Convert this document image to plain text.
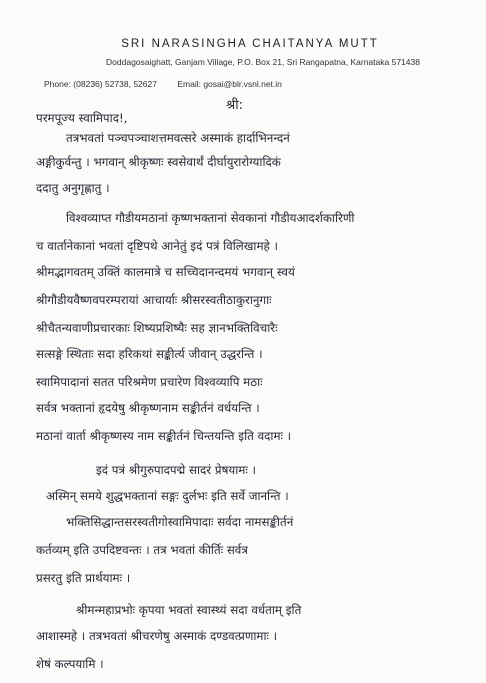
SRI NARASINGHA CHAITANYA MUTT

Doddagosaighatt, Ganjam Village, P.O. Box 21, Sri Rangapatna, Karnataka 571438

Phone: (08236) 52738, 52627 Email: gosai@blr.vsnl.net.in
श्री:
परमपूज्य स्वामिपाद!,
तत्रभवतां पञ्चपञ्चाशत्तमवत्सरे अस्माकं हार्दाभिनन्दनं
अङ्गीकुर्वन्तु । भगवान् श्रीकृष्णः स्वसेवार्थं दीर्घायुरारोग्यादिकं
ददातु अनुगृह्णातु ।
विश्वव्याप्त गौडीयमठानां कृष्णभक्तानां सेवकानां गौडीयआदर्शकारिणी
च वार्तानेकानां भवतां दृष्टिपथे आनेतुं इदं पत्रं विलिखामहे ।
श्रीमद्भागवतम् उक्तिं कालमात्रे च सच्चिदानन्दमयं भगवान् स्वयं
श्रीगौडीयवैष्णवपरम्परायां आचार्याः श्रीसरस्वतीठाकुरानुगाः
श्रीचैतन्यवाणीप्रचारकाः शिष्यप्रशिष्यैः सह ज्ञानभक्तिविचारैः
सत्सङ्गे स्थिताः सदा हरिकथां सङ्कीर्त्य जीवान् उद्धरन्ति ।
स्वामिपादानां सतत परिश्रमेण प्रचारेण विश्वव्यापि मठाः
सर्वत्र भक्तानां हृदयेषु श्रीकृष्णनाम सङ्कीर्तनं वर्धयन्ति ।
मठानां वार्ता श्रीकृष्णस्य नाम सङ्कीर्तनं चिन्तयन्ति इति वदामः ।
इदं पत्रं श्रीगुरुपादपद्मे सादरं प्रेषयामः ।
अस्मिन् समये शुद्धभक्तानां सङ्गः दुर्लभः इति सर्वे जानन्ति ।
भक्तिसिद्धान्तसरस्वतीगोस्वामिपादाः सर्वदा नामसङ्कीर्तनं
कर्तव्यम् इति उपदिष्टवन्तः । तत्र भवतां कीर्तिः सर्वत्र
प्रसरतु इति प्रार्थयामः ।
श्रीमन्महाप्रभोः कृपया भवतां स्वास्थ्यं सदा वर्धताम् इति
आशास्महे । तत्रभवतां श्रीचरणेषु अस्माकं दण्डवत्प्रणामाः ।
शेषं कल्पयामि ।
